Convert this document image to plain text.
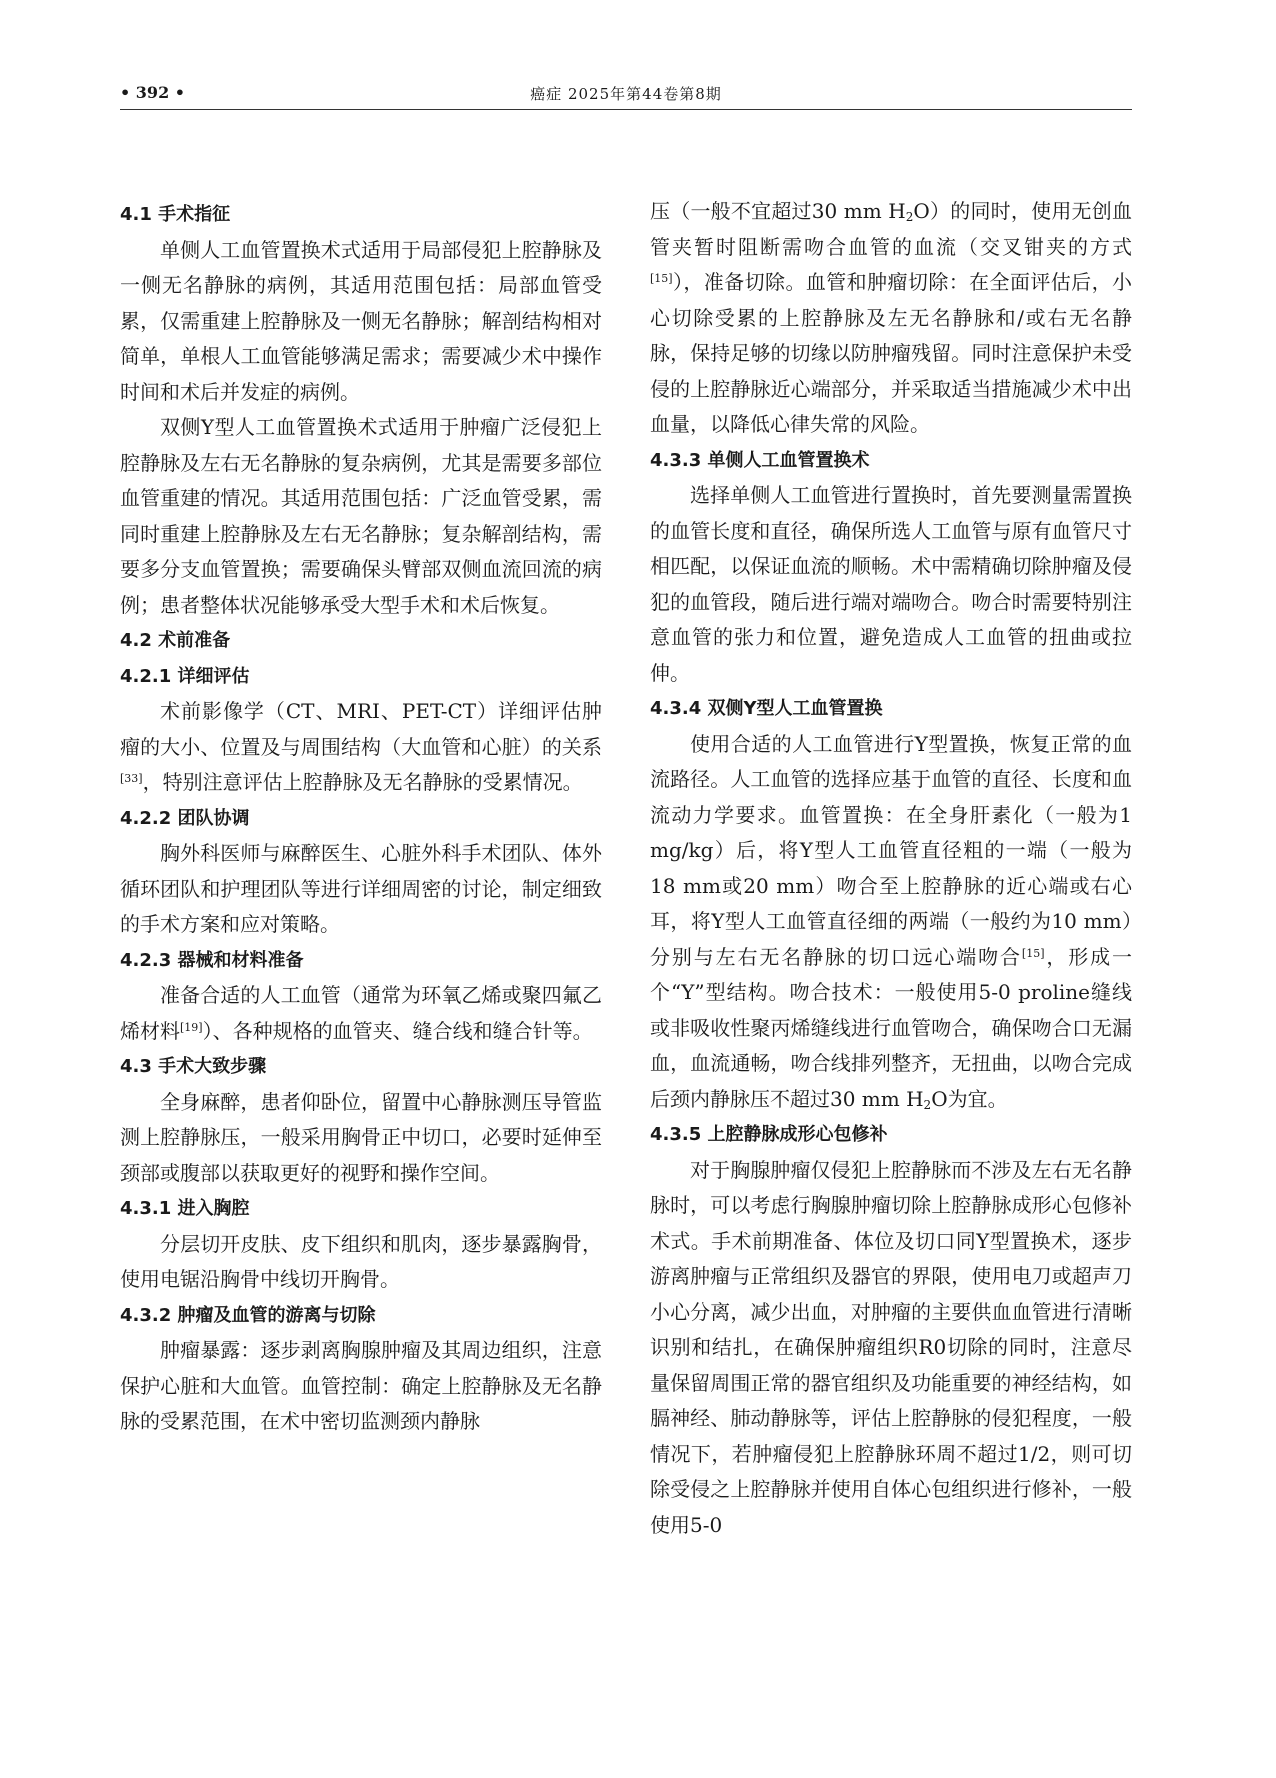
• 392 •	癌症 2025年第44卷第8期

4.1 手术指征

单侧人工血管置换术式适用于局部侵犯上腔静脉及一侧无名静脉的病例，其适用范围包括：局部血管受累，仅需重建上腔静脉及一侧无名静脉；解剖结构相对简单，单根人工血管能够满足需求；需要减少术中操作时间和术后并发症的病例。

双侧Y型人工血管置换术式适用于肿瘤广泛侵犯上腔静脉及左右无名静脉的复杂病例，尤其是需要多部位血管重建的情况。其适用范围包括：广泛血管受累，需同时重建上腔静脉及左右无名静脉；复杂解剖结构，需要多分支血管置换；需要确保头臂部双侧血流回流的病例；患者整体状况能够承受大型手术和术后恢复。

4.2 术前准备

4.2.1 详细评估

术前影像学（CT、MRI、PET-CT）详细评估肿瘤的大小、位置及与周围结构（大血管和心脏）的关系[33]，特别注意评估上腔静脉及无名静脉的受累情况。

4.2.2 团队协调

胸外科医师与麻醉医生、心脏外科手术团队、体外循环团队和护理团队等进行详细周密的讨论，制定细致的手术方案和应对策略。

4.2.3 器械和材料准备

准备合适的人工血管（通常为环氧乙烯或聚四氟乙烯材料[19]）、各种规格的血管夹、缝合线和缝合针等。

4.3 手术大致步骤

全身麻醉，患者仰卧位，留置中心静脉测压导管监测上腔静脉压，一般采用胸骨正中切口，必要时延伸至颈部或腹部以获取更好的视野和操作空间。

4.3.1 进入胸腔

分层切开皮肤、皮下组织和肌肉，逐步暴露胸骨，使用电锯沿胸骨中线切开胸骨。

4.3.2 肿瘤及血管的游离与切除

肿瘤暴露：逐步剥离胸腺肿瘤及其周边组织，注意保护心脏和大血管。血管控制：确定上腔静脉及无名静脉的受累范围，在术中密切监测颈内静脉

压（一般不宜超过30 mm $H_2O$）的同时，使用无创血管夹暂时阻断需吻合血管的血流（交叉钳夹的方式[15]），准备切除。血管和肿瘤切除：在全面评估后，小心切除受累的上腔静脉及左无名静脉和/或右无名静脉，保持足够的切缘以防肿瘤残留。同时注意保护未受侵的上腔静脉近心端部分，并采取适当措施减少术中出血量，以降低心律失常的风险。

4.3.3 单侧人工血管置换术

选择单侧人工血管进行置换时，首先要测量需置换的血管长度和直径，确保所选人工血管与原有血管尺寸相匹配，以保证血流的顺畅。术中需精确切除肿瘤及侵犯的血管段，随后进行端对端吻合。吻合时需要特别注意血管的张力和位置，避免造成人工血管的扭曲或拉伸。

4.3.4 双侧Y型人工血管置换

使用合适的人工血管进行Y型置换，恢复正常的血流路径。人工血管的选择应基于血管的直径、长度和血流动力学要求。血管置换：在全身肝素化（一般为1 mg/kg）后，将Y型人工血管直径粗的一端（一般为18 mm或20 mm）吻合至上腔静脉的近心端或右心耳，将Y型人工血管直径细的两端（一般约为10 mm）分别与左右无名静脉的切口远心端吻合[15]，形成一个“Y”型结构。吻合技术：一般使用5-0 proline缝线或非吸收性聚丙烯缝线进行血管吻合，确保吻合口无漏血，血流通畅，吻合线排列整齐，无扭曲，以吻合完成后颈内静脉压不超过30 mm $H_2O$为宜。

4.3.5 上腔静脉成形心包修补

对于胸腺肿瘤仅侵犯上腔静脉而不涉及左右无名静脉时，可以考虑行胸腺肿瘤切除上腔静脉成形心包修补术式。手术前期准备、体位及切口同Y型置换术，逐步游离肿瘤与正常组织及器官的界限，使用电刀或超声刀小心分离，减少出血，对肿瘤的主要供血血管进行清晰识别和结扎，在确保肿瘤组织R0切除的同时，注意尽量保留周围正常的器官组织及功能重要的神经结构，如膈神经、肺动静脉等，评估上腔静脉的侵犯程度，一般情况下，若肿瘤侵犯上腔静脉环周不超过1/2，则可切除受侵之上腔静脉并使用自体心包组织进行修补，一般使用5-0
